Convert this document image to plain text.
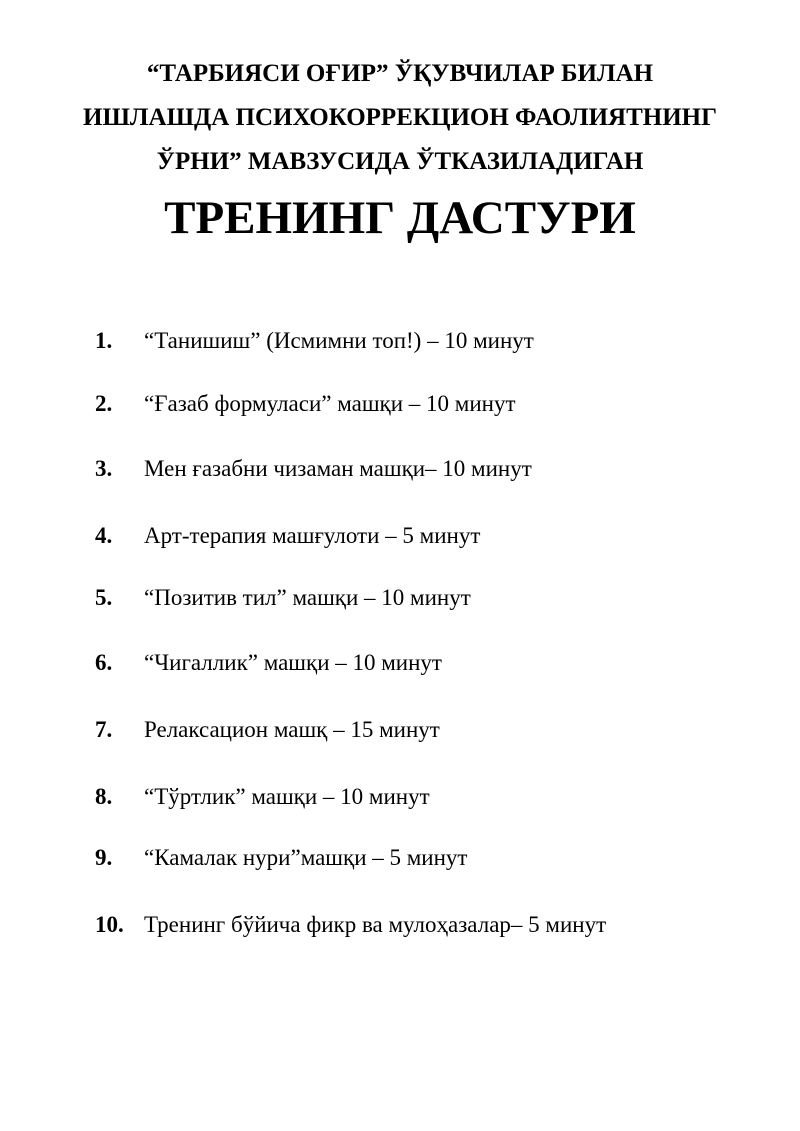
“ТАРБИЯСИ ОҒИР” ЎҚУВЧИЛАР БИЛАН
ИШЛАШДА ПСИХОКОРРЕКЦИОН ФАОЛИЯТНИНГ
ЎРНИ” МАВЗУСИДА ЎТКАЗИЛАДИГАН
ТРЕНИНГ ДАСТУРИ
1. “Танишиш” (Исмимни топ!) – 10 минут
2. “Ғазаб формуласи” машқи – 10 минут
3. Мен ғазабни чизаман машқи– 10 минут
4. Арт-терапия машғулоти – 5 минут
5. “Позитив тил” машқи – 10 минут
6. “Чигаллик” машқи – 10 минут
7. Релаксацион машқ – 15 минут
8. “Тўртлик” машқи – 10 минут
9. “Камалак нури”машқи – 5 минут
10. Тренинг бўйича фикр ва мулоҳазалар– 5 минут
